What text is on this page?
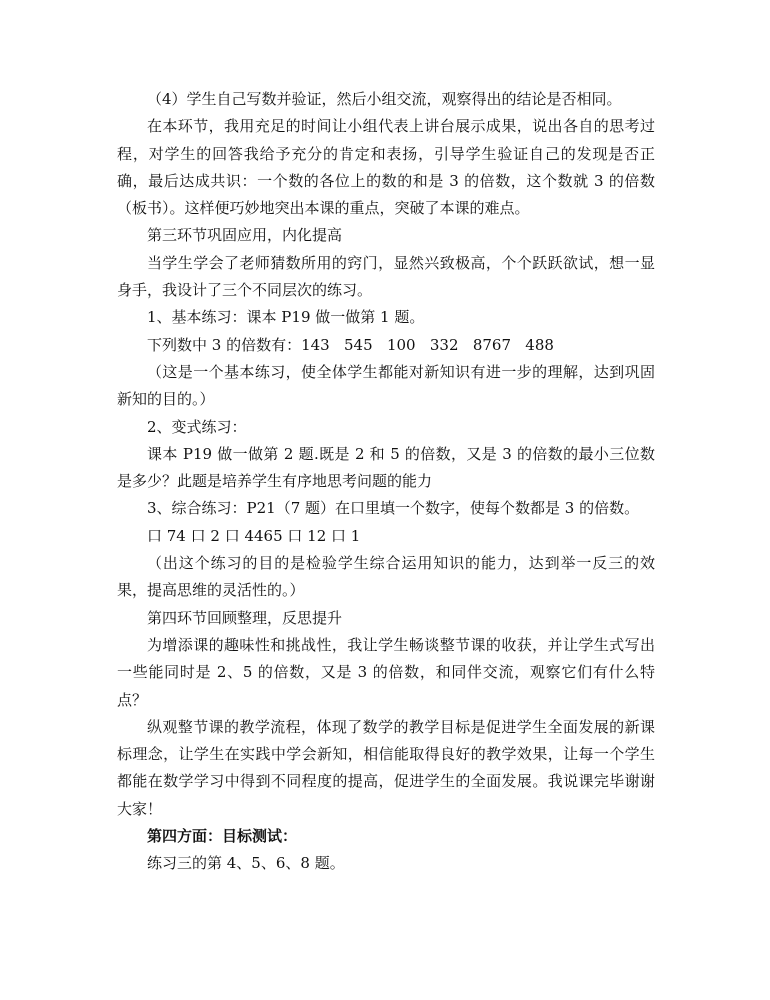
（4）学生自己写数并验证，然后小组交流，观察得出的结论是否相同。

在本环节，我用充足的时间让小组代表上讲台展示成果，说出各自的思考过程，对学生的回答我给予充分的肯定和表扬，引导学生验证自己的发现是否正确，最后达成共识：一个数的各位上的数的和是 3 的倍数，这个数就 3 的倍数（板书）。这样便巧妙地突出本课的重点，突破了本课的难点。

第三环节巩固应用，内化提高

当学生学会了老师猜数所用的窍门，显然兴致极高，个个跃跃欲试，想一显身手，我设计了三个不同层次的练习。

1、基本练习：课本 P19 做一做第 1 题。

下列数中 3 的倍数有：143   545   100   332   8767   488

（这是一个基本练习，使全体学生都能对新知识有进一步的理解，达到巩固新知的目的。）

2、变式练习：

课本 P19 做一做第 2 题.既是 2 和 5 的倍数，又是 3 的倍数的最小三位数是多少？此题是培养学生有序地思考问题的能力

3、综合练习：P21（7 题）在口里填一个数字，使每个数都是 3 的倍数。

口 74 口 2 口 4465 口 12 口 1

（出这个练习的目的是检验学生综合运用知识的能力，达到举一反三的效果，提高思维的灵活性的。）

第四环节回顾整理，反思提升

为增添课的趣味性和挑战性，我让学生畅谈整节课的收获，并让学生式写出一些能同时是 2、5 的倍数，又是 3 的倍数，和同伴交流，观察它们有什么特点？

纵观整节课的教学流程，体现了数学的教学目标是促进学生全面发展的新课标理念，让学生在实践中学会新知，相信能取得良好的教学效果，让每一个学生都能在数学学习中得到不同程度的提高，促进学生的全面发展。我说课完毕谢谢大家！

第四方面：目标测试：

练习三的第 4、5、6、8 题。
